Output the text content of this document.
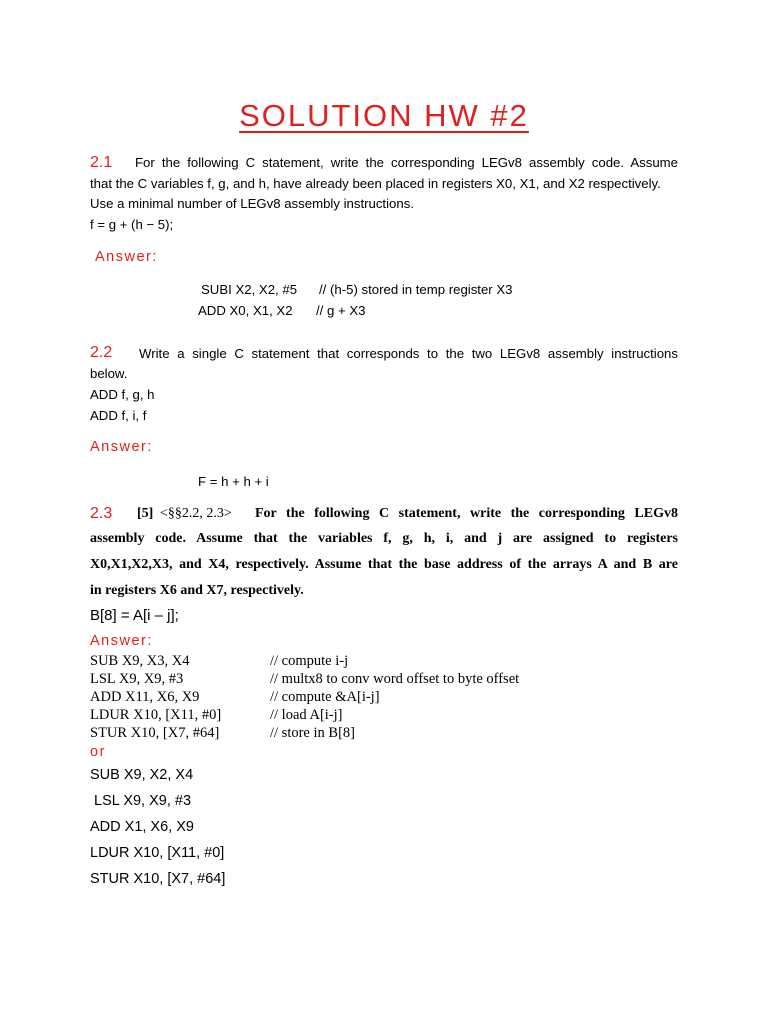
SOLUTION HW #2
2.1 For the following C statement, write the corresponding LEGv8 assembly code. Assume
that the C variables f, g, and h, have already been placed in registers X0, X1, and X2 respectively.
Use a minimal number of LEGv8 assembly instructions.
f = g + (h − 5);
Answer:
SUBI X2, X2, #5 // (h-5) stored in temp register X3
ADD X0, X1, X2 // g + X3
2.2 Write a single C statement that corresponds to the two LEGv8 assembly instructions
below.
ADD f, g, h
ADD f, i, f
Answer:
F = h + h + i
2.3 [5] <§§2.2, 2.3> For the following C statement, write the corresponding LEGv8
assembly code. Assume that the variables f, g, h, i, and j are assigned to registers
X0,X1,X2,X3, and X4, respectively. Assume that the base address of the arrays A and B are
in registers X6 and X7, respectively.
B[8] = A[i – j];
Answer:
SUB X9, X3, X4	// compute i-j
LSL X9, X9, #3	// multx8 to conv word offset to byte offset
ADD X11, X6, X9	// compute &A[i-j]
LDUR X10, [X11, #0]	// load A[i-j]
STUR X10, [X7, #64]	// store in B[8]
or
SUB X9, X2, X4
LSL X9, X9, #3
ADD X1, X6, X9
LDUR X10, [X11, #0]
STUR X10, [X7, #64]
